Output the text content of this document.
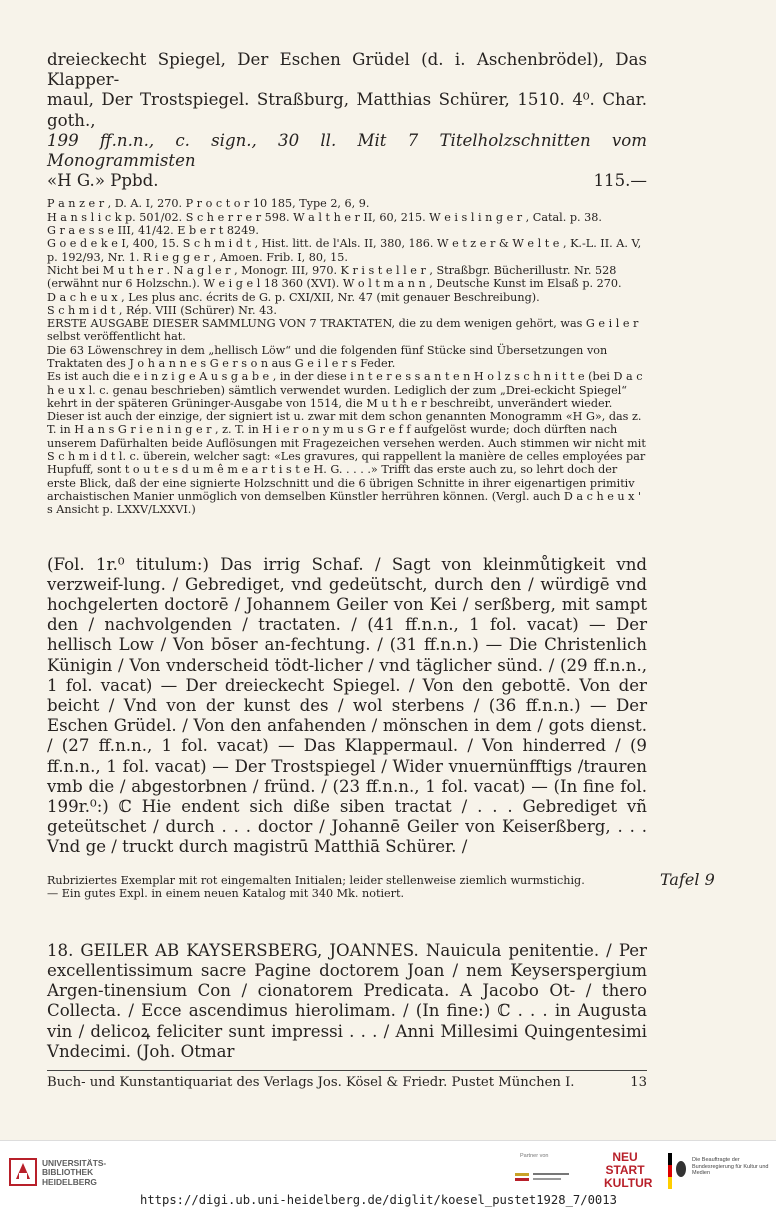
dreieckecht Spiegel, Der Eschen Grüdel (d. i. Aschenbrödel), Das Klapper-
maul, Der Trostspiegel. Straßburg, Matthias Schürer, 1510. 4⁰. Char. goth.,
199 ff.n.n., c. sign., 30 ll. Mit 7 Titelholzschnitten vom Monogrammisten

«H G.» Ppbd.	115.—

P a n z e r , D. A. I, 270. P r o c t o r 10 185, Type 2, 6, 9.

H a n s l i c k p. 501/02. S c h e r r e r 598. W a l t h e r II, 60, 215. W e i s l i n g e r , Catal. p. 38.

G r a e s s e III, 41/42. E b e r t 8249.

G o e d e k e I, 400, 15. S c h m i d t , Hist. litt. de l'Als. II, 380, 186. W e t z e r & W e l t e , K.-L. II. A. V, p. 192/93, Nr. 1. R i e g g e r , Amoen. Frib. I, 80, 15.

Nicht bei M u t h e r . N a g l e r , Monogr. III, 970. K r i s t e l l e r , Straßbgr. Bücherillustr. Nr. 528 (erwähnt nur 6 Holzschn.). W e i g e l 18 360 (XVI). W o l t m a n n , Deutsche Kunst im Elsaß p. 270.

D a c h e u x , Les plus anc. écrits de G. p. CXI/XII, Nr. 47 (mit genauer Beschreibung).

S c h m i d t , Rép. VIII (Schürer) Nr. 43.

ERSTE AUSGABE DIESER SAMMLUNG VON 7 TRAKTATEN, die zu dem wenigen gehört, was G e i l e r selbst veröffentlicht hat.

Die 63 Löwenschrey in dem „hellisch Löw“ und die folgenden fünf Stücke sind Übersetzungen von Traktaten des J o h a n n e s G e r s o n aus G e i l e r s Feder.

Es ist auch die e i n z i g e A u s g a b e , in der diese i n t e r e s s a n t e n H o l z s c h n i t t e (bei D a c h e u x l. c. genau beschrieben) sämtlich verwendet wurden. Lediglich der zum „Drei-eckicht Spiegel“ kehrt in der späteren Grüninger-Ausgabe von 1514, die M u t h e r beschreibt, unverändert wieder. Dieser ist auch der einzige, der signiert ist u. zwar mit dem schon genannten Monogramm «H G», das z. T. in H a n s G r i e n i n g e r , z. T. in H i e r o n y m u s G r e f f aufgelöst wurde; doch dürften nach unserem Dafürhalten beide Auflösungen mit Fragezeichen versehen werden. Auch stimmen wir nicht mit S c h m i d t l. c. überein, welcher sagt: «Les gravures, qui rappellent la manière de celles employées par Hupfuff, sont t o u t e s d u m ê m e a r t i s t e H. G. . . . .» Trifft das erste auch zu, so lehrt doch der erste Blick, daß der eine signierte Holzschnitt und die 6 übrigen Schnitte in ihrer eigenartigen primitiv archaistischen Manier unmöglich von demselben Künstler herrühren können. (Vergl. auch D a c h e u x ' s Ansicht p. LXXV/LXXVI.)

(Fol. 1r.⁰ titulum:) Das irrig Schaf. / Sagt von kleinmůtigkeit vnd verzweif-lung. / Gebrediget, vnd gedeütscht, durch den / würdigē vnd hochgelerten doctorē / Johannem Geiler von Kei / serßberg, mit sampt den / nachvolgenden / tractaten. / (41 ff.n.n., 1 fol. vacat) — Der hellisch Low / Von bōser an-fechtung. / (31 ff.n.n.) — Die Christenlich Künigin / Von vnderscheid tödt-licher / vnd täglicher sünd. / (29 ff.n.n., 1 fol. vacat) — Der dreieckecht Spiegel. / Von den gebottē. Von der beicht / Vnd von der kunst des / wol sterbens / (36 ff.n.n.) — Der Eschen Grüdel. / Von den anfahenden / mönschen in dem / gots dienst. / (27 ff.n.n., 1 fol. vacat) — Das Klappermaul. / Von hinderred / (9 ff.n.n., 1 fol. vacat) — Der Trostspiegel / Wider vnuernünfftigs /trauren vmb die / abgestorbnen / fründ. / (23 ff.n.n., 1 fol. vacat) — (In fine fol. 199r.⁰:) ℂ Hie endent sich diße siben tractat / . . . Gebrediget vñ geteütschet / durch . . . doctor / Johannē Geiler von Keiserßberg, . . . Vnd ge / truckt durch magistrū Matthiā Schürer. /

Rubriziertes Exemplar mit rot eingemalten Initialen; leider stellenweise ziemlich wurmstichig.
— Ein gutes Expl. in einem neuen Katalog mit 340 Mk. notiert.

18. GEILER AB KAYSERSBERG, JOANNES. Nauicula penitentie. / Per excellentissimum sacre Pagine doctorem Joan / nem Keyserspergium Argen-tinensium Con / cionatorem Predicata. A Jacobo Ot- / thero Collecta. / Ecce ascendimus hierolimam. / (In fine:) ℂ . . . in Augusta vin / delicoꝝ feliciter sunt impressi . . . / Anni Millesimi Quingentesimi Vndecimi. (Joh. Otmar

Buch- und Kunstantiquariat des Verlags Jos. Kösel & Friedr. Pustet München I.	13
Tafel 9
UNIVERSITÄTS-
BIBLIOTHEK
HEIDELBERG
Partner von	NEU
START
KULTUR
Die Beauftragte der Bundesregierung für Kultur und Medien
https://digi.ub.uni-heidelberg.de/diglit/koesel_pustet1928_7/0013
